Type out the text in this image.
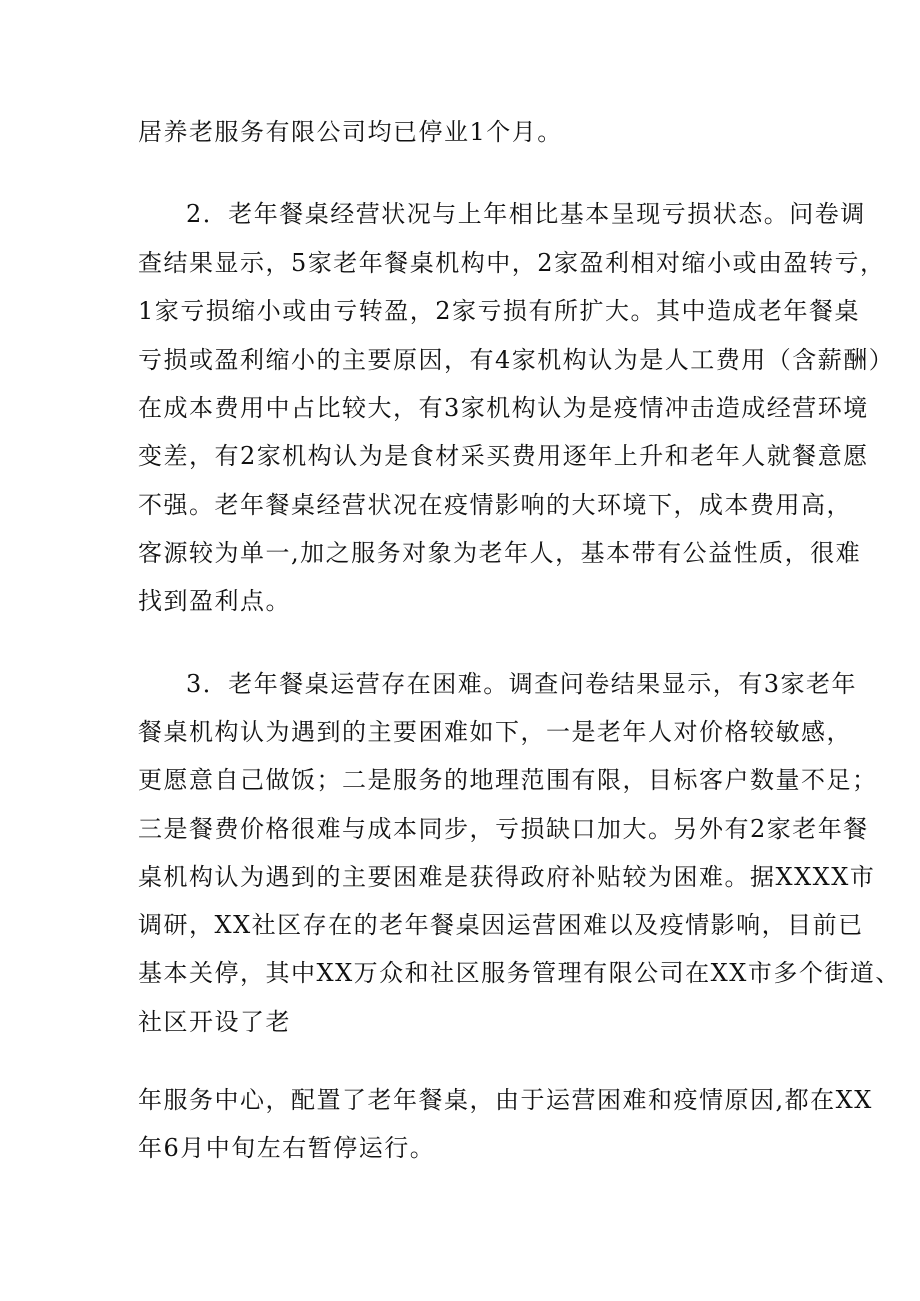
居养老服务有限公司均已停业1个月。
2．老年餐桌经营状况与上年相比基本呈现亏损状态。问卷调
查结果显示，5家老年餐桌机构中，2家盈利相对缩小或由盈转亏，
1家亏损缩小或由亏转盈，2家亏损有所扩大。其中造成老年餐桌
亏损或盈利缩小的主要原因，有4家机构认为是人工费用（含薪酬）
在成本费用中占比较大，有3家机构认为是疫情冲击造成经营环境
变差，有2家机构认为是食材采买费用逐年上升和老年人就餐意愿
不强。老年餐桌经营状况在疫情影响的大环境下，成本费用高，
客源较为单一,加之服务对象为老年人，基本带有公益性质，很难
找到盈利点。
3．老年餐桌运营存在困难。调查问卷结果显示，有3家老年
餐桌机构认为遇到的主要困难如下，一是老年人对价格较敏感，
更愿意自己做饭；二是服务的地理范围有限，目标客户数量不足；
三是餐费价格很难与成本同步，亏损缺口加大。另外有2家老年餐
桌机构认为遇到的主要困难是获得政府补贴较为困难。据XXXX市
调研，XX社区存在的老年餐桌因运营困难以及疫情影响，目前已
基本关停，其中XX万众和社区服务管理有限公司在XX市多个街道、
社区开设了老
年服务中心，配置了老年餐桌，由于运营困难和疫情原因,都在XX
年6月中旬左右暂停运行。
